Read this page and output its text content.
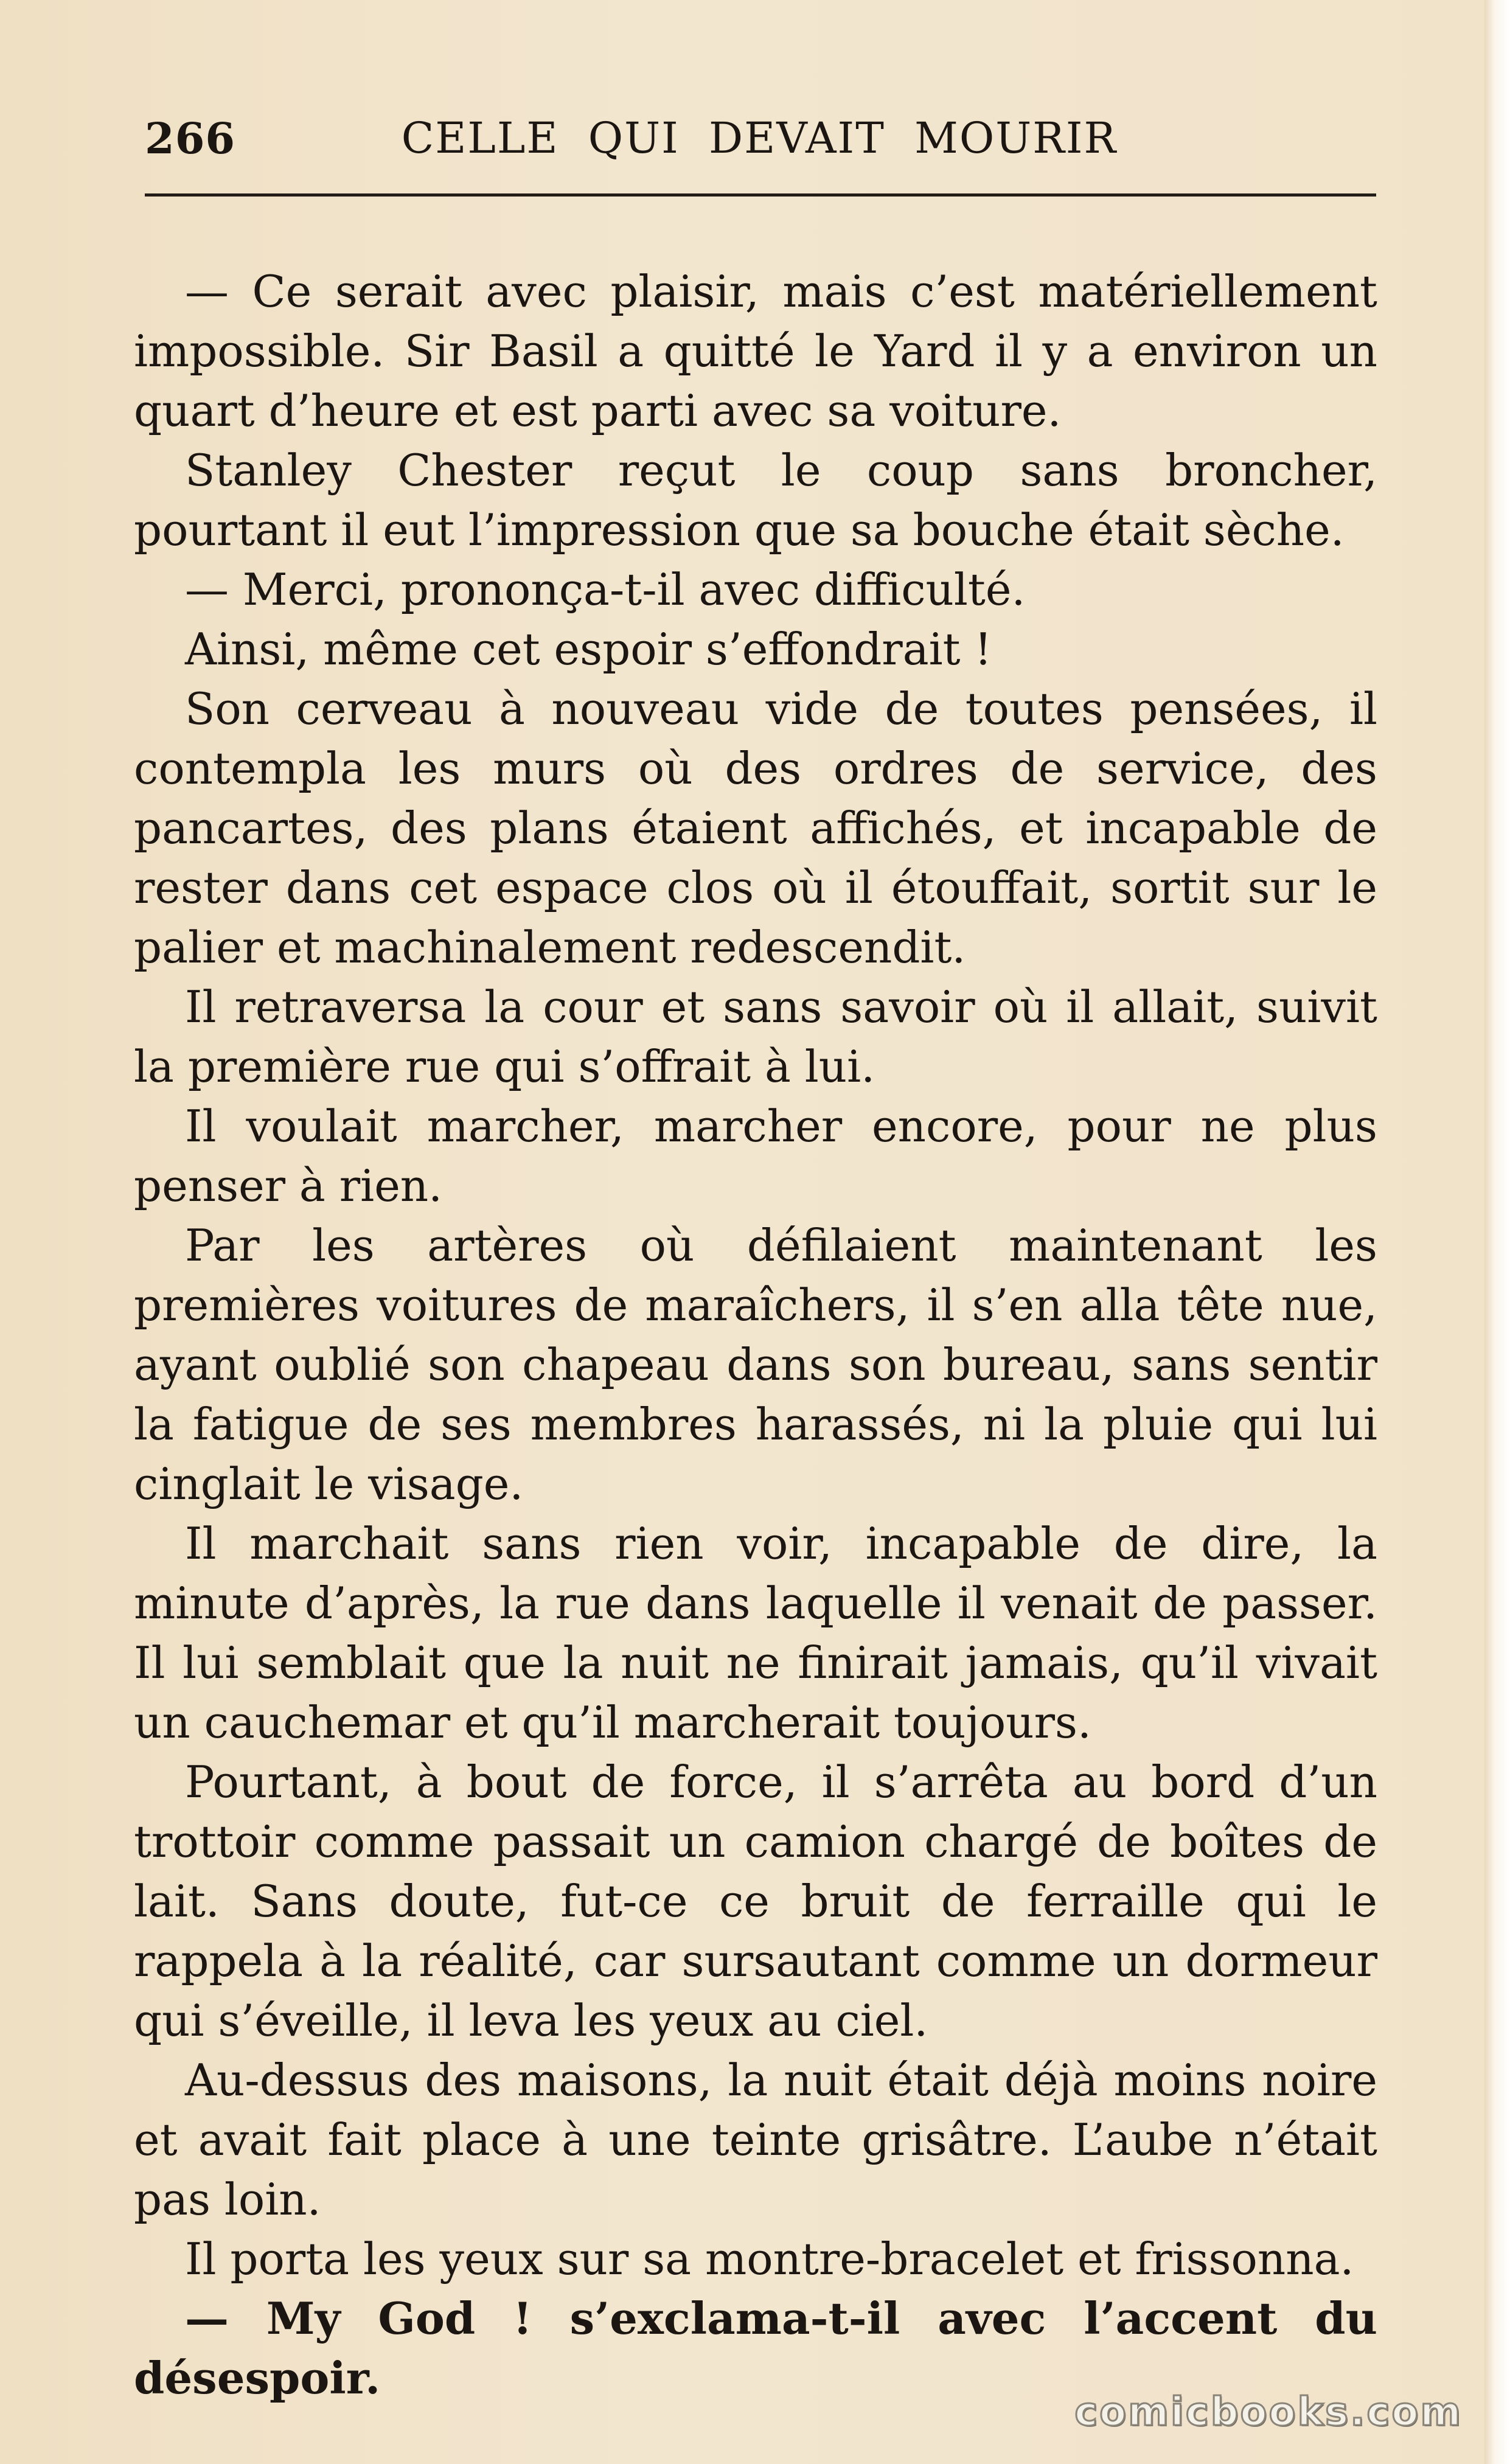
266	CELLE QUI DEVAIT MOURIR

— Ce serait avec plaisir, mais c’est matériellement impossible. Sir Basil a quitté le Yard il y a environ un quart d’heure et est parti avec sa voiture.

Stanley Chester reçut le coup sans broncher, pourtant il eut l’impression que sa bouche était sèche.

— Merci, prononça-t-il avec difficulté.

Ainsi, même cet espoir s’effondrait !

Son cerveau à nouveau vide de toutes pensées, il contempla les murs où des ordres de service, des pancartes, des plans étaient affichés, et incapable de rester dans cet espace clos où il étouffait, sortit sur le palier et machinalement redescendit.

Il retraversa la cour et sans savoir où il allait, suivit la première rue qui s’offrait à lui.

Il voulait marcher, marcher encore, pour ne plus penser à rien.

Par les artères où défilaient maintenant les premières voitures de maraîchers, il s’en alla tête nue, ayant oublié son chapeau dans son bureau, sans sentir la fatigue de ses membres harassés, ni la pluie qui lui cinglait le visage.

Il marchait sans rien voir, incapable de dire, la minute d’après, la rue dans laquelle il venait de passer. Il lui semblait que la nuit ne finirait jamais, qu’il vivait un cauchemar et qu’il marcherait toujours.

Pourtant, à bout de force, il s’arrêta au bord d’un trottoir comme passait un camion chargé de boîtes de lait. Sans doute, fut-ce ce bruit de ferraille qui le rappela à la réalité, car sursautant comme un dormeur qui s’éveille, il leva les yeux au ciel.

Au-dessus des maisons, la nuit était déjà moins noire et avait fait place à une teinte grisâtre. L’aube n’était pas loin.

Il porta les yeux sur sa montre-bracelet et frissonna.

— My God ! s’exclama-t-il avec l’accent du désespoir.

comicbooks.com
